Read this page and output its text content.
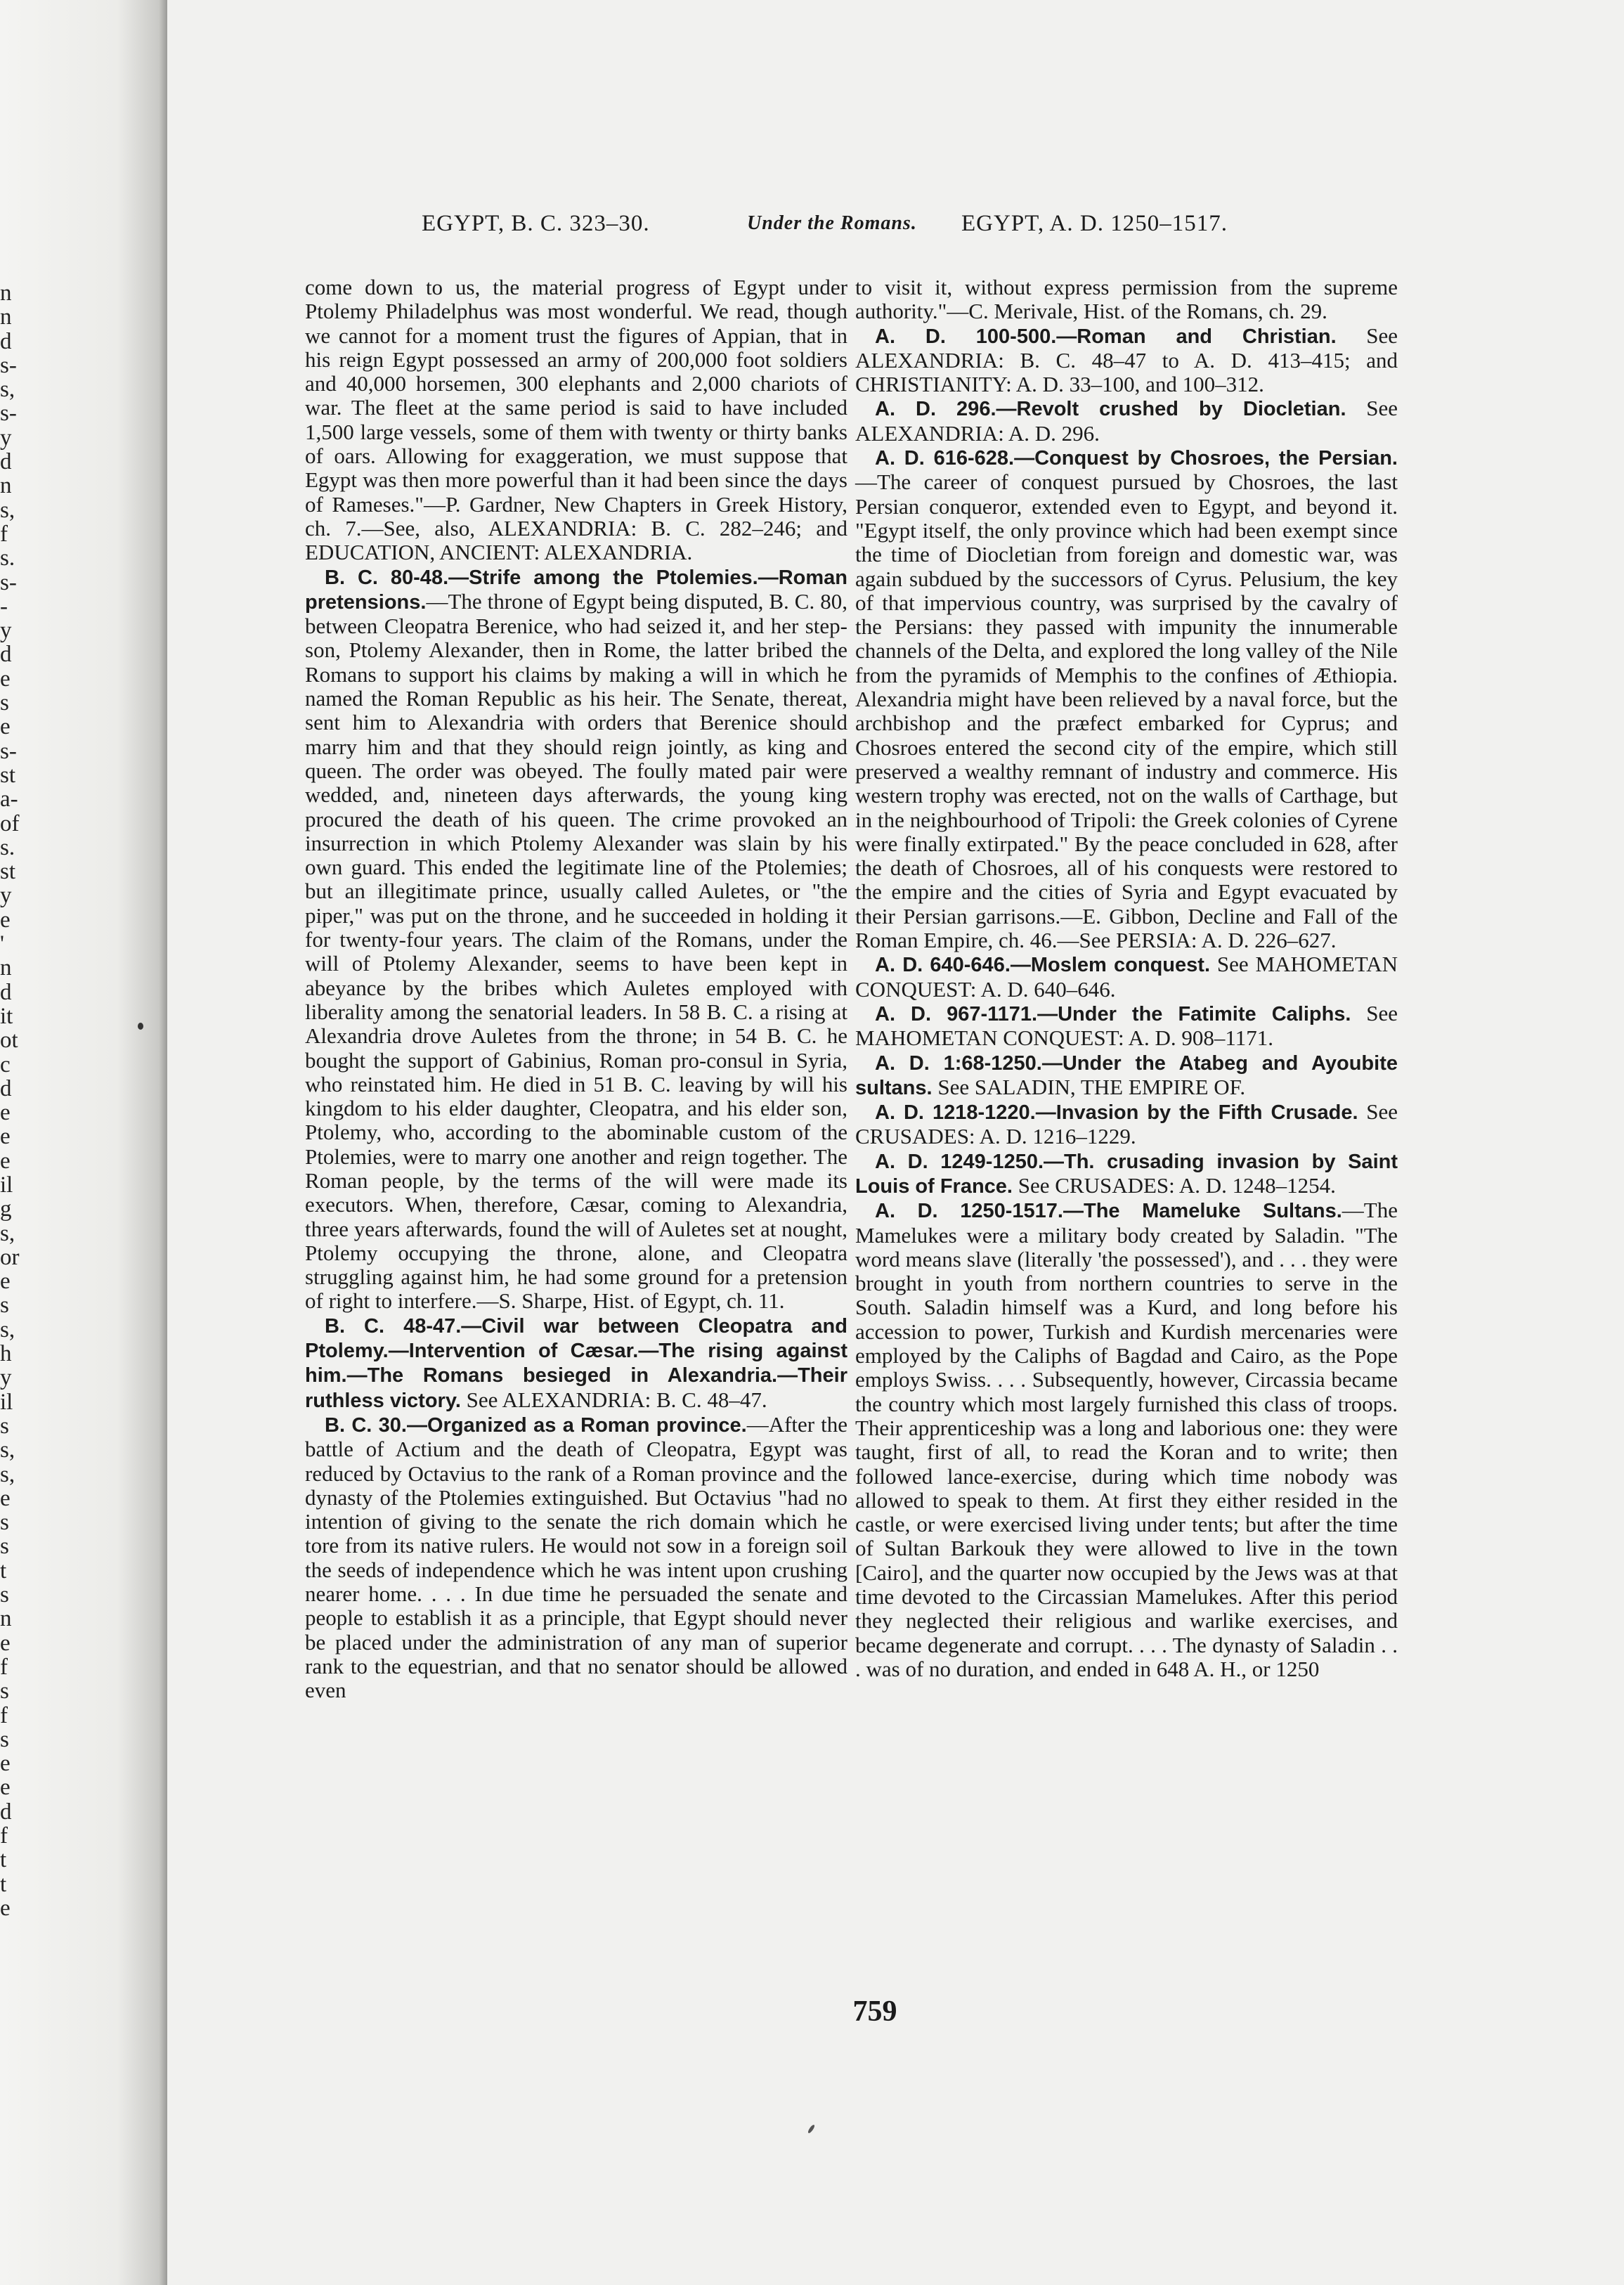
n
n
d
s-
s,
s-
y
d
n
s,
f
s.
s-
-
y
d
e
s
e
s-
st
a-
of
s.
st
y
e
'
n
d
it
ot
c
d
e
e
e
il
g
s,
or
e
s
s,
h
y
il
s
s,
s,
e
s
s
t
s
n
e
f
s
f
s
e
e
d
f
t
t
e
EGYPT, B. C. 323–30.	Under the Romans. EGYPT, A. D. 1250–1517.

come down to us, the material progress of Egypt under Ptolemy Philadelphus was most wonderful. We read, though we cannot for a moment trust the figures of Appian, that in his reign Egypt possessed an army of 200,000 foot soldiers and 40,000 horsemen, 300 elephants and 2,000 chariots of war. The fleet at the same period is said to have included 1,500 large vessels, some of them with twenty or thirty banks of oars. Allowing for exaggeration, we must suppose that Egypt was then more powerful than it had been since the days of Rameses."—P. Gardner, New Chapters in Greek History, ch. 7.—See, also, ALEXANDRIA: B. C. 282–246; and EDUCATION, ANCIENT: ALEXANDRIA.

B. C. 80-48.—Strife among the Ptolemies.—Roman pretensions.—The throne of Egypt being disputed, B. C. 80, between Cleopatra Berenice, who had seized it, and her step-son, Ptolemy Alexander, then in Rome, the latter bribed the Romans to support his claims by making a will in which he named the Roman Republic as his heir. The Senate, thereat, sent him to Alexandria with orders that Berenice should marry him and that they should reign jointly, as king and queen. The order was obeyed. The foully mated pair were wedded, and, nineteen days afterwards, the young king procured the death of his queen. The crime provoked an insurrection in which Ptolemy Alexander was slain by his own guard. This ended the legitimate line of the Ptolemies; but an illegitimate prince, usually called Auletes, or "the piper," was put on the throne, and he succeeded in holding it for twenty-four years. The claim of the Romans, under the will of Ptolemy Alexander, seems to have been kept in abeyance by the bribes which Auletes employed with liberality among the senatorial leaders. In 58 B. C. a rising at Alexandria drove Auletes from the throne; in 54 B. C. he bought the support of Gabinius, Roman pro-consul in Syria, who reinstated him. He died in 51 B. C. leaving by will his kingdom to his elder daughter, Cleopatra, and his elder son, Ptolemy, who, according to the abominable custom of the Ptolemies, were to marry one another and reign together. The Roman people, by the terms of the will were made its executors. When, therefore, Cæsar, coming to Alexandria, three years afterwards, found the will of Auletes set at nought, Ptolemy occupying the throne, alone, and Cleopatra struggling against him, he had some ground for a pretension of right to interfere.—S. Sharpe, Hist. of Egypt, ch. 11.

B. C. 48-47.—Civil war between Cleopatra and Ptolemy.—Intervention of Cæsar.—The rising against him.—The Romans besieged in Alexandria.—Their ruthless victory. See ALEXANDRIA: B. C. 48–47.

B. C. 30.—Organized as a Roman province.—After the battle of Actium and the death of Cleopatra, Egypt was reduced by Octavius to the rank of a Roman province and the dynasty of the Ptolemies extinguished. But Octavius "had no intention of giving to the senate the rich domain which he tore from its native rulers. He would not sow in a foreign soil the seeds of independence which he was intent upon crushing nearer home. . . . In due time he persuaded the senate and people to establish it as a principle, that Egypt should never be placed under the administration of any man of superior rank to the equestrian, and that no senator should be allowed even

to visit it, without express permission from the supreme authority."—C. Merivale, Hist. of the Romans, ch. 29.

A. D. 100-500.—Roman and Christian. See ALEXANDRIA: B. C. 48–47 to A. D. 413–415; and CHRISTIANITY: A. D. 33–100, and 100–312.

A. D. 296.—Revolt crushed by Diocletian. See ALEXANDRIA: A. D. 296.

A. D. 616-628.—Conquest by Chosroes, the Persian.—The career of conquest pursued by Chosroes, the last Persian conqueror, extended even to Egypt, and beyond it. "Egypt itself, the only province which had been exempt since the time of Diocletian from foreign and domestic war, was again subdued by the successors of Cyrus. Pelusium, the key of that impervious country, was surprised by the cavalry of the Persians: they passed with impunity the innumerable channels of the Delta, and explored the long valley of the Nile from the pyramids of Memphis to the confines of Æthiopia. Alexandria might have been relieved by a naval force, but the archbishop and the præfect embarked for Cyprus; and Chosroes entered the second city of the empire, which still preserved a wealthy remnant of industry and commerce. His western trophy was erected, not on the walls of Carthage, but in the neighbourhood of Tripoli: the Greek colonies of Cyrene were finally extirpated." By the peace concluded in 628, after the death of Chosroes, all of his conquests were restored to the empire and the cities of Syria and Egypt evacuated by their Persian garrisons.—E. Gibbon, Decline and Fall of the Roman Empire, ch. 46.—See PERSIA: A. D. 226–627.

A. D. 640-646.—Moslem conquest. See MAHOMETAN CONQUEST: A. D. 640–646.

A. D. 967-1171.—Under the Fatimite Caliphs. See MAHOMETAN CONQUEST: A. D. 908–1171.

A. D. 1:68-1250.—Under the Atabeg and Ayoubite sultans. See SALADIN, THE EMPIRE OF.

A. D. 1218-1220.—Invasion by the Fifth Crusade. See CRUSADES: A. D. 1216–1229.

A. D. 1249-1250.—Th. crusading invasion by Saint Louis of France. See CRUSADES: A. D. 1248–1254.

A. D. 1250-1517.—The Mameluke Sultans.—The Mamelukes were a military body created by Saladin. "The word means slave (literally 'the possessed'), and . . . they were brought in youth from northern countries to serve in the South. Saladin himself was a Kurd, and long before his accession to power, Turkish and Kurdish mercenaries were employed by the Caliphs of Bagdad and Cairo, as the Pope employs Swiss. . . . Subsequently, however, Circassia became the country which most largely furnished this class of troops. Their apprenticeship was a long and laborious one: they were taught, first of all, to read the Koran and to write; then followed lance-exercise, during which time nobody was allowed to speak to them. At first they either resided in the castle, or were exercised living under tents; but after the time of Sultan Barkouk they were allowed to live in the town [Cairo], and the quarter now occupied by the Jews was at that time devoted to the Circassian Mamelukes. After this period they neglected their religious and warlike exercises, and became degenerate and corrupt. . . . The dynasty of Saladin . . . was of no duration, and ended in 648 A. H., or 1250

759
